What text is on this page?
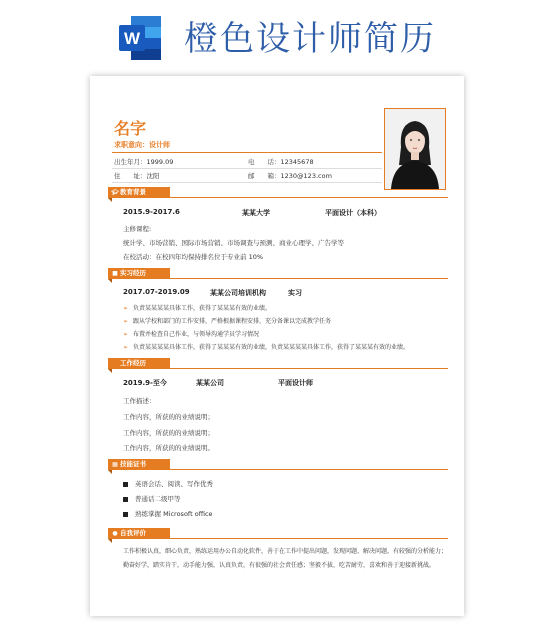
W 橙色设计师简历
名字
求职意向：设计师
出生年月：1999.09	电　　话：12345678
住　　址：沈阳	邮　　箱：1230@123.com
🎓︎教育背景
2015.9-2017.6	某某大学	平面设计（本科）
主修课程:
统计学、市场营销、国际市场营销、市场调查与预测、商业心理学、广告学等
在校活动：在校四年均保持排名位于专业前 10%
■ 实习经历
2017.07-2019.09	某某公司培训机构	实习
➢ 负责某某某某具体工作，获得了某某某有效的业绩。
➢ 跟从学校和部门的工作安排，严格根据课程安排，充分备课以完成教学任务
➢ 布置并检查自己作业，与领导沟通学员学习情况
➢ 负责某某某某具体工作，获得了某某某有效的业绩，负责某某某某具体工作，获得了某某某有效的业绩。
工作经历
2019.9-至今	某某公司	平面设计师
工作描述：
工作内容，所获的的业绩说明；
工作内容，所获的的业绩说明；
工作内容，所获的的业绩说明。
▦ 技能证书
英语会话、阅读、写作优秀
普通话二级甲等
熟练掌握 Microsoft office
● 自我评价
工作积极认真，细心负责，熟练运用办公自动化软件，善于在工作中提出问题，发现问题、解决问题，有较强的分析能力；勤奋好学，踏实肯干，动手能力强，认真负责，有很强的社会责任感；坚毅不拔，吃苦耐劳，喜欢和善于迎接新挑战。
